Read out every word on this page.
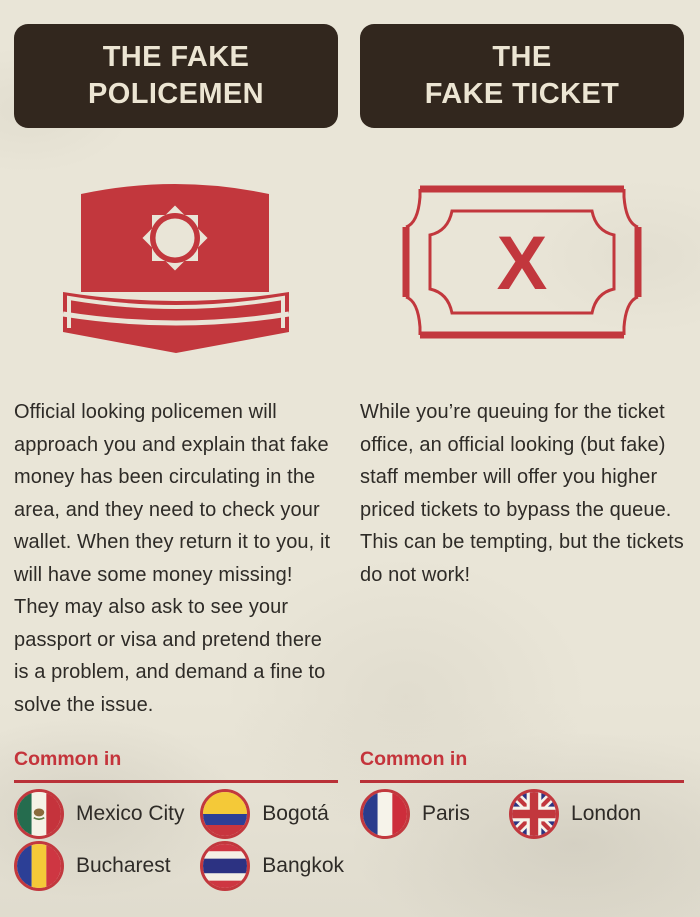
THE FAKE
POLICEMEN
Official looking policemen will approach you and explain that fake money has been circulating in the area, and they need to check your wallet. When they return it to you, it will have some money missing! They may also ask to see your passport or visa and pretend there is a problem, and demand a fine to solve the issue.
Common in
Mexico City	Bogotá
Bucharest	Bangkok
THE
FAKE TICKET
X
While you’re queuing for the ticket office, an official looking (but fake) staff member will offer you higher priced tickets to bypass the queue. This can be tempting, but the tickets do not work!
Common in
Paris	London
